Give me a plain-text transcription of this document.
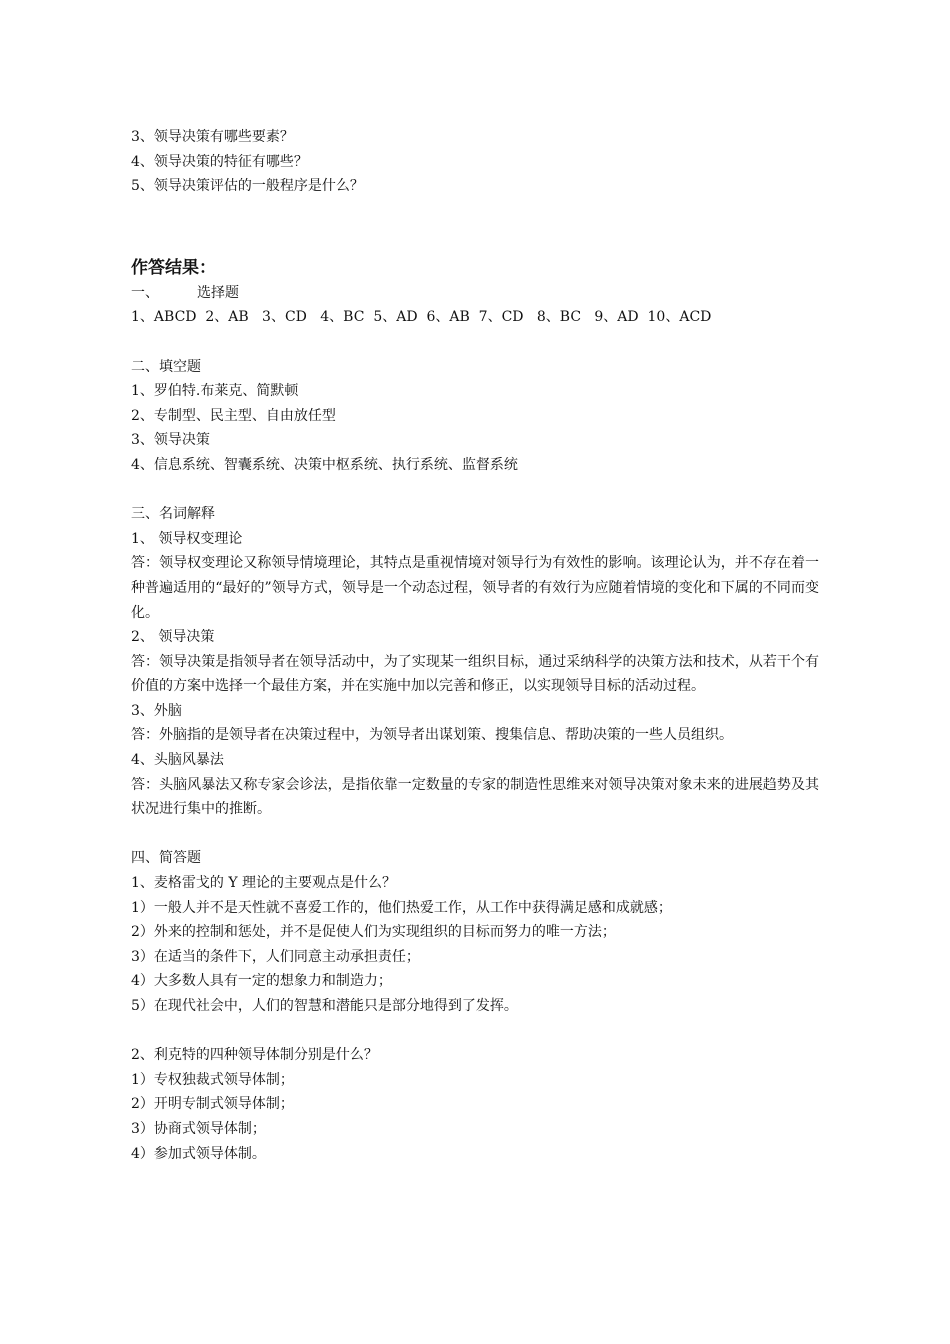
3、领导决策有哪些要素？
4、领导决策的特征有哪些？
5、领导决策评估的一般程序是什么？
作答结果：
一、	选择题
1、ABCD  2、AB   3、CD   4、BC  5、AD  6、AB  7、CD   8、BC   9、AD  10、ACD
二、填空题
1、罗伯特.布莱克、简默顿
2、专制型、民主型、自由放任型
3、领导决策
4、信息系统、智囊系统、决策中枢系统、执行系统、监督系统
三、名词解释
1、 领导权变理论
答：领导权变理论又称领导情境理论，其特点是重视情境对领导行为有效性的影响。该理论认为，并不存在着一种普遍适用的“最好的”领导方式，领导是一个动态过程，领导者的有效行为应随着情境的变化和下属的不同而变化。
2、 领导决策
答：领导决策是指领导者在领导活动中，为了实现某一组织目标，通过采纳科学的决策方法和技术，从若干个有价值的方案中选择一个最佳方案，并在实施中加以完善和修正，以实现领导目标的活动过程。
3、外脑
答：外脑指的是领导者在决策过程中，为领导者出谋划策、搜集信息、帮助决策的一些人员组织。
4、头脑风暴法
答：头脑风暴法又称专家会诊法，是指依靠一定数量的专家的制造性思维来对领导决策对象未来的进展趋势及其状况进行集中的推断。
四、简答题
1、麦格雷戈的 Y 理论的主要观点是什么？
1）一般人并不是天性就不喜爱工作的，他们热爱工作，从工作中获得满足感和成就感；
2）外来的控制和惩处，并不是促使人们为实现组织的目标而努力的唯一方法；
3）在适当的条件下，人们同意主动承担责任；
4）大多数人具有一定的想象力和制造力；
5）在现代社会中，人们的智慧和潜能只是部分地得到了发挥。
2、利克特的四种领导体制分别是什么？
1）专权独裁式领导体制；
2）开明专制式领导体制；
3）协商式领导体制；
4）参加式领导体制。
